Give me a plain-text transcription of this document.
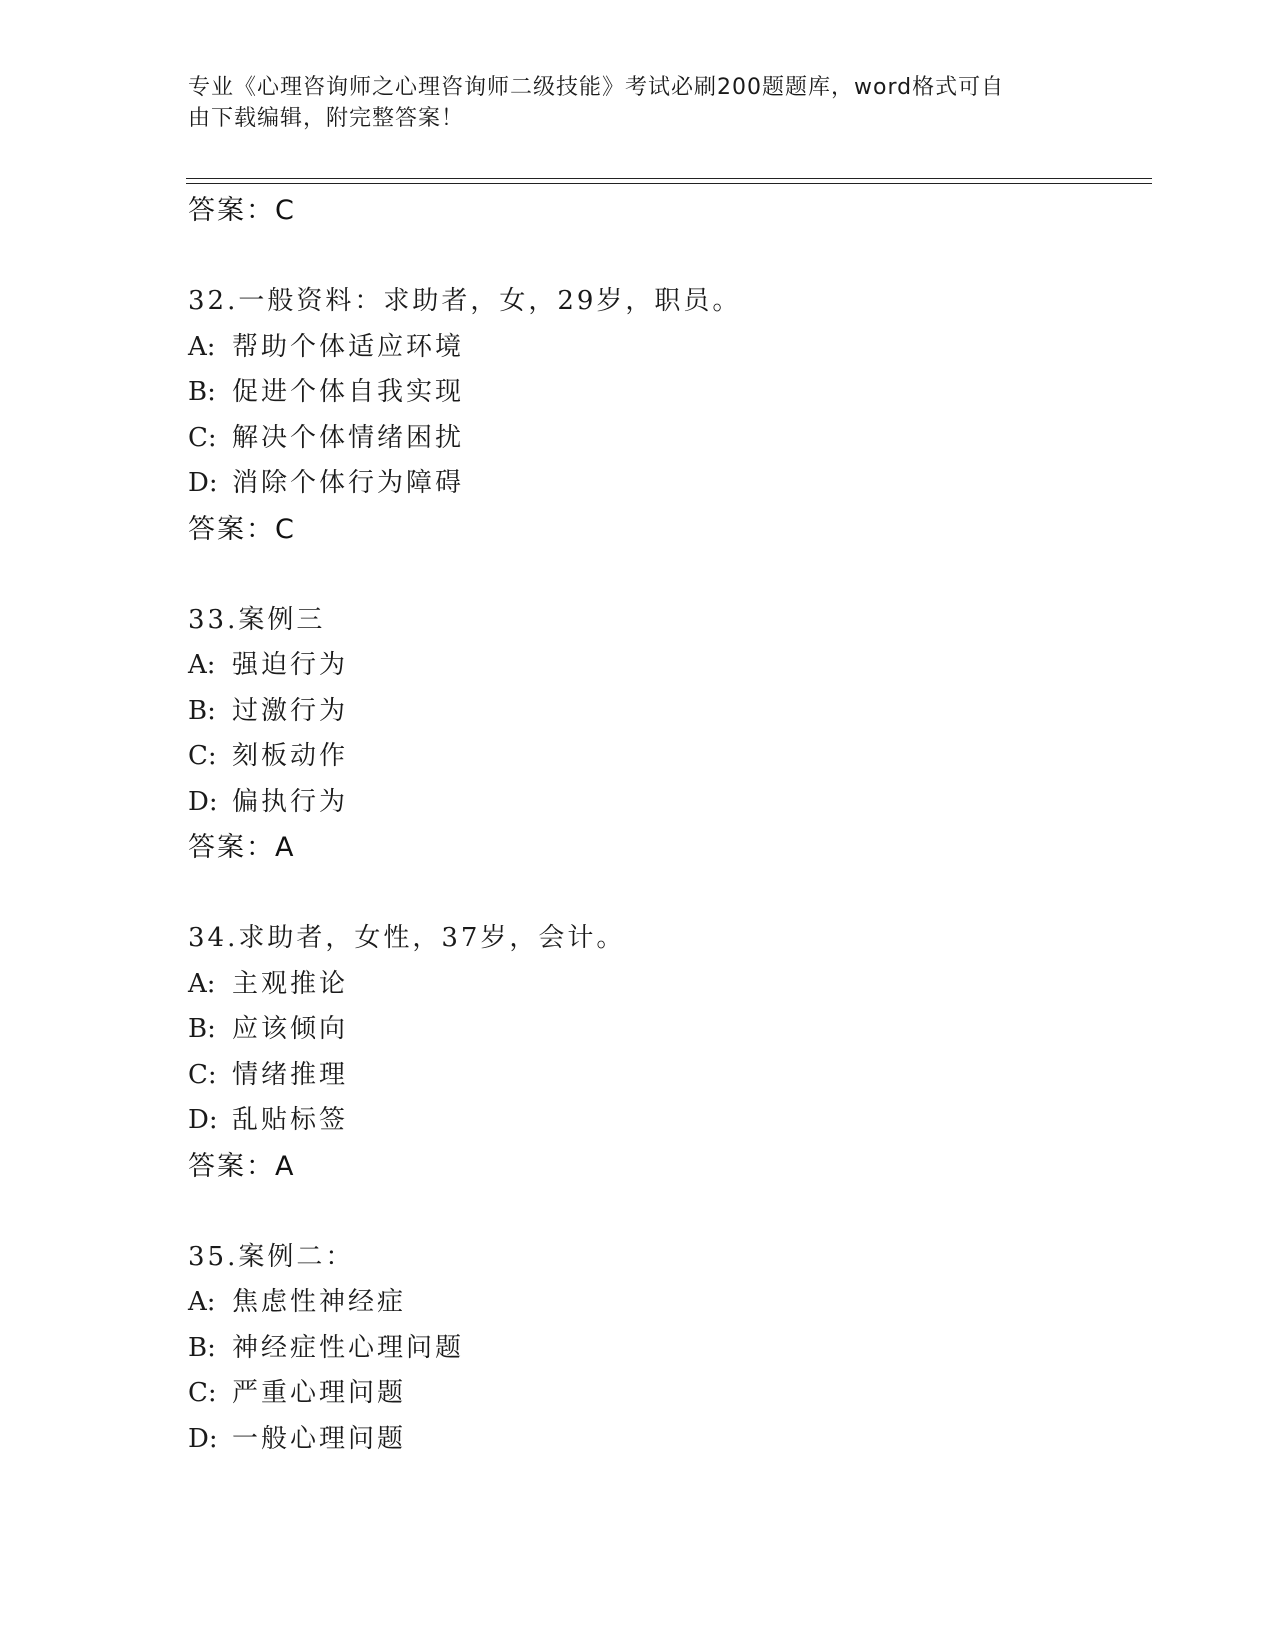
专业《心理咨询师之心理咨询师二级技能》考试必刷200题题库，word格式可自
由下载编辑，附完整答案！
答案：C
32.一般资料：求助者，女，29岁，职员。
A: 帮助个体适应环境
B: 促进个体自我实现
C: 解决个体情绪困扰
D: 消除个体行为障碍
答案：C
33.案例三
A: 强迫行为
B: 过激行为
C: 刻板动作
D: 偏执行为
答案：A
34.求助者，女性，37岁，会计。
A: 主观推论
B: 应该倾向
C: 情绪推理
D: 乱贴标签
答案：A
35.案例二：
A: 焦虑性神经症
B: 神经症性心理问题
C: 严重心理问题
D: 一般心理问题
